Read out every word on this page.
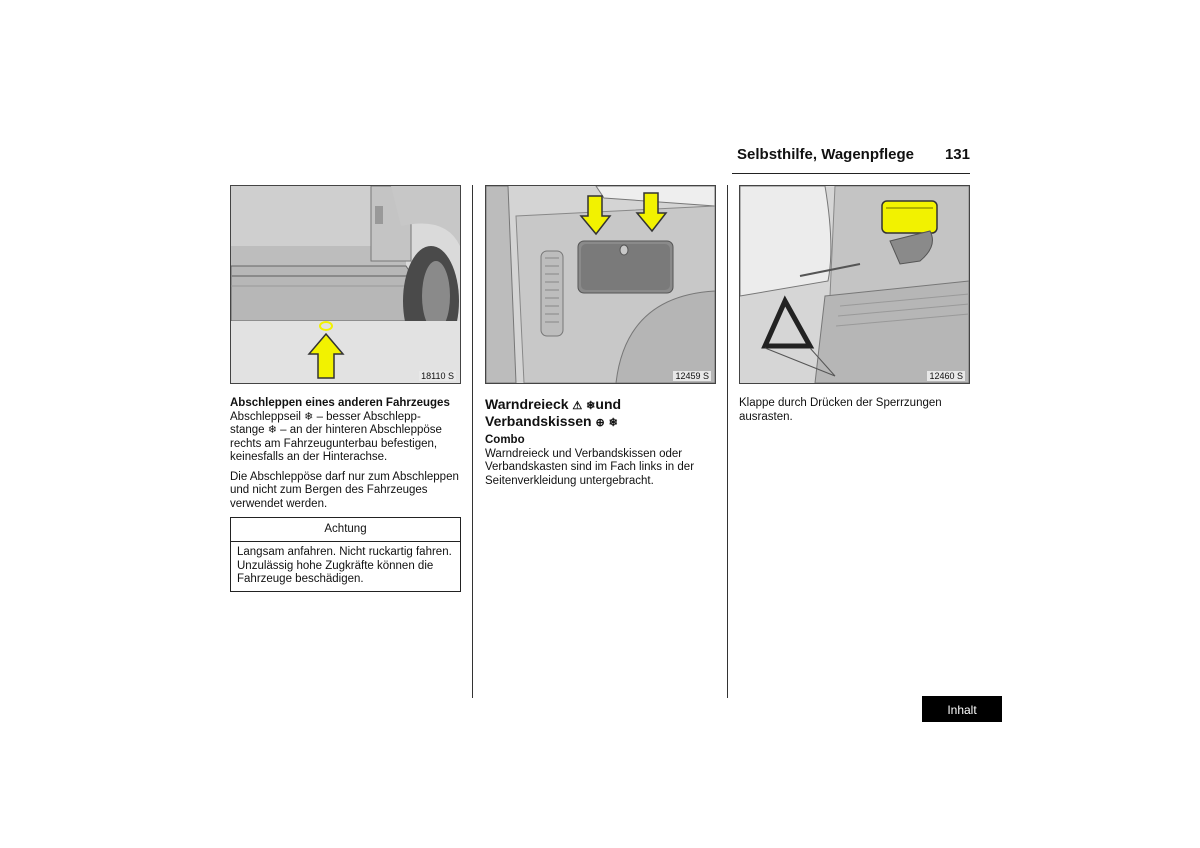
Selbsthilfe, Wagenpflege 131
18110 S	12459 S	12460 S

Abschleppen eines anderen Fahrzeuges
Abschleppseil ❄ – besser Abschlepp-
stange ❄ – an der hinteren Abschleppöse rechts am Fahrzeugunterbau befestigen, keinesfalls an der Hinterachse.

Die Abschleppöse darf nur zum Abschleppen und nicht zum Bergen des Fahrzeuges verwendet werden.

Achtung
Langsam anfahren. Nicht ruckartig fahren. Unzulässig hohe Zugkräfte können die Fahrzeuge beschädigen.
Warndreieck ⚠ ❄und
Verbandskissen ⊕ ❄
Combo
Warndreieck und Verbandskissen oder Verbandskasten sind im Fach links in der Seitenverkleidung untergebracht.
Klappe durch Drücken der Sperrzungen ausrasten.
Inhalt
